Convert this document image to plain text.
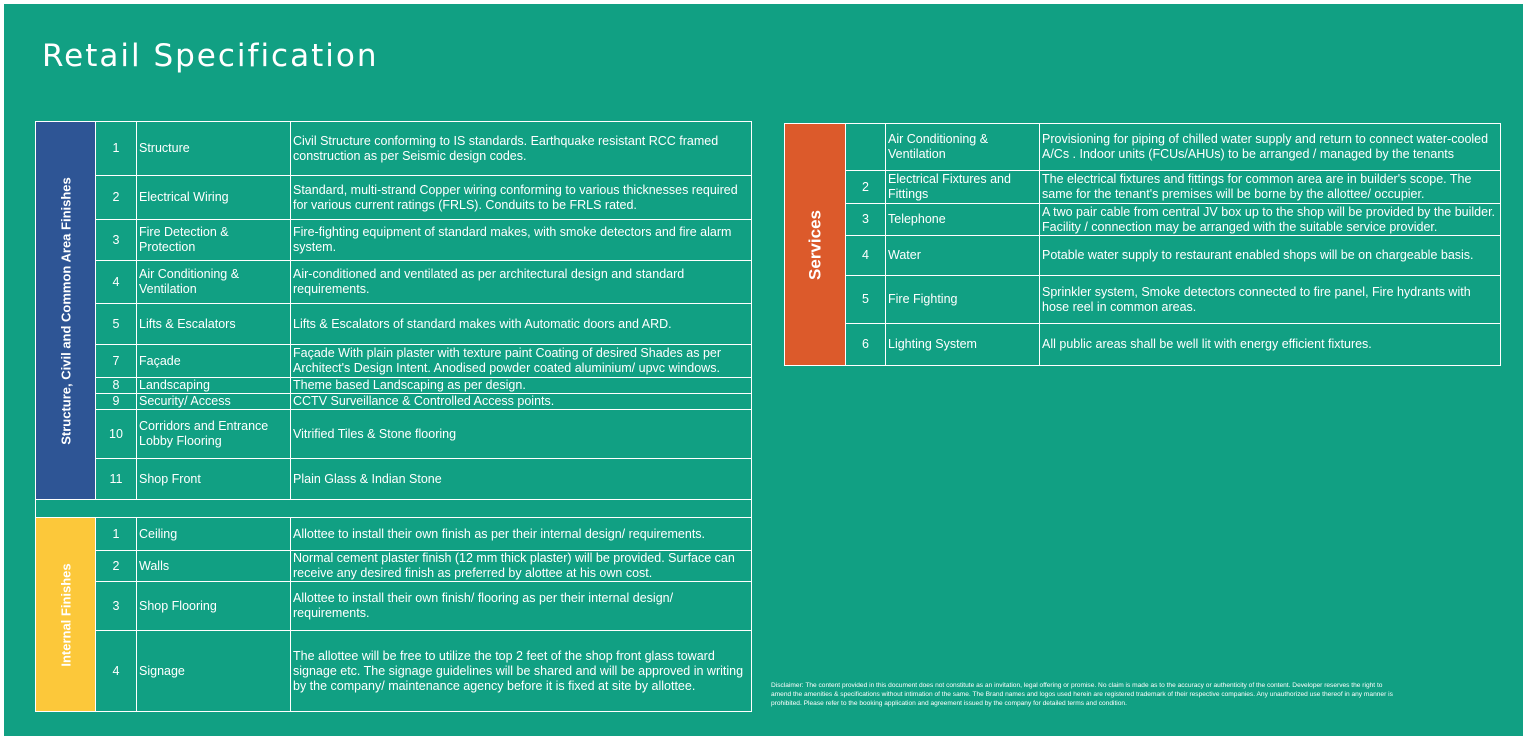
Retail Specification
Structure, Civil and Common Area Finishes	1	Structure	Civil Structure conforming to IS standards. Earthquake resistant RCC framed construction as per Seismic design codes.
	2	Electrical Wiring	Standard, multi-strand Copper wiring conforming to various thicknesses required for various current ratings (FRLS). Conduits to be FRLS rated.
	3	Fire Detection & Protection	Fire-fighting equipment of standard makes, with smoke detectors and fire alarm system.
	4	Air Conditioning & Ventilation	Air-conditioned and ventilated as per architectural design and standard requirements.
	5	Lifts & Escalators	Lifts & Escalators of standard makes with Automatic doors and ARD.
	7	Façade	Façade With plain plaster with texture paint Coating of desired Shades as per Architect's Design Intent. Anodised powder coated aluminium/ upvc windows.
	8	Landscaping	Theme based Landscaping as per design.
	9	Security/ Access	CCTV Surveillance & Controlled Access points.
	10	Corridors and Entrance Lobby Flooring	Vitrified Tiles & Stone flooring
	11	Shop Front	Plain Glass & Indian Stone

Internal Finishes	1	Ceiling	Allottee to install their own finish as per their internal design/ requirements.
	2	Walls	Normal cement plaster finish (12 mm thick plaster) will be provided. Surface can receive any desired finish as preferred by alottee at his own cost.
	3	Shop Flooring	Allottee to install their own finish/ flooring as per their internal design/ requirements.
	4	Signage	The allottee will be free to utilize the top 2 feet of the shop front glass toward signage etc. The signage guidelines will be shared and will be approved in writing by the company/ maintenance agency before it is fixed at site by allottee.
Services		Air Conditioning & Ventilation	Provisioning for piping of chilled water supply and return to connect water-cooled A/Cs . Indoor units (FCUs/AHUs) to be arranged / managed by the tenants
	2	Electrical Fixtures and Fittings	The electrical fixtures and fittings for common area are in builder's scope. The same for the tenant's premises will be borne by the allottee/ occupier.
	3	Telephone	A two pair cable from central JV box up to the shop will be provided by the builder. Facility / connection may be arranged with the suitable service provider.
	4	Water	Potable water supply to restaurant enabled shops will be on chargeable basis.
	5	Fire Fighting	Sprinkler system, Smoke detectors connected to fire panel, Fire hydrants with hose reel in common areas.
	6	Lighting System	All public areas shall be well lit with energy efficient fixtures.
Disclaimer: The content provided in this document does not constitute as an invitation, legal offering or promise. No claim is made as to the accuracy or authenticity of the content. Developer reserves the right to amend the amenities & specifications without intimation of the same. The Brand names and logos used herein are registered trademark of their respective companies. Any unauthorized use thereof in any manner is prohibited. Please refer to the booking application and agreement issued by the company for detailed terms and condition.
